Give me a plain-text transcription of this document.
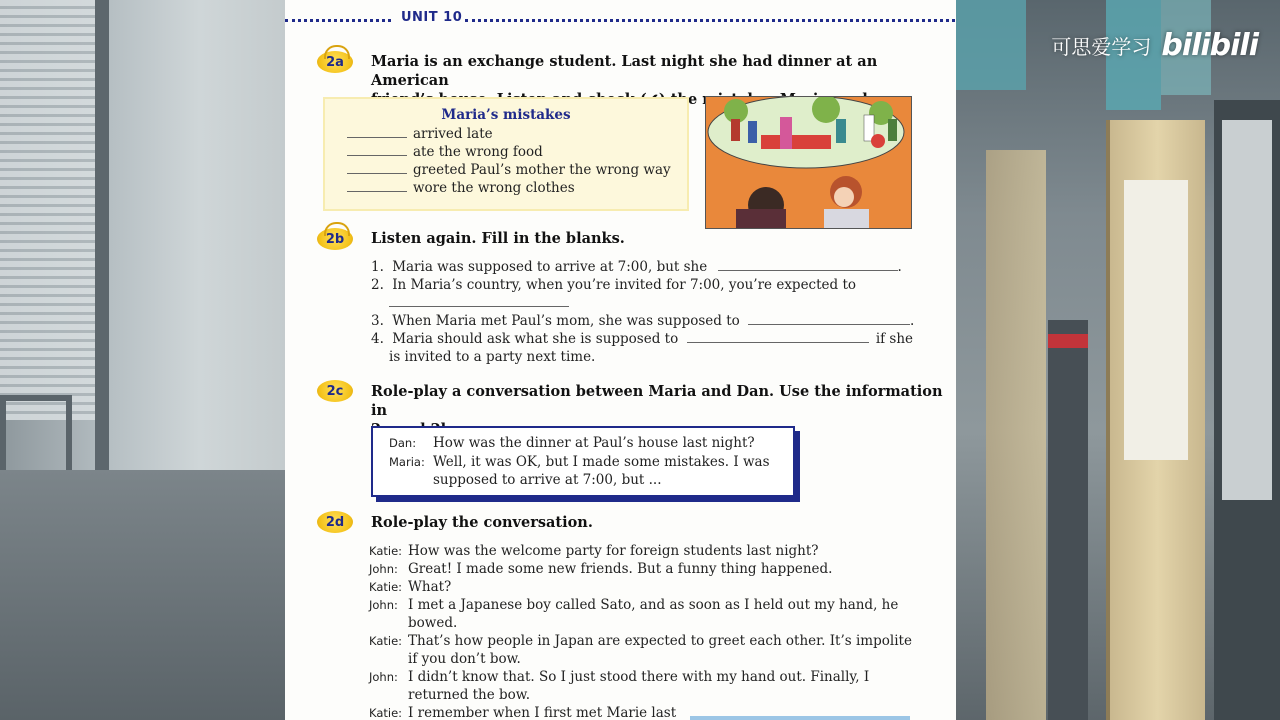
可思爱学习 bilibili
UNIT 10
2a Maria is an exchange student. Last night she had dinner at an American
Maria’s mistakes
arrived late
ate the wrong food
greeted Paul’s mother the wrong way
wore the wrong clothes
2b Listen again. Fill in the blanks.
1. Maria was supposed to arrive at 7:00, but she	.
2. In Maria’s country, when you’re invited for 7:00, you’re expected to
3. When Maria met Paul’s mom, she was supposed to	.
4. Maria should ask what she is supposed to	if she
is invited to a party next time.
2c	Role-play a conversation between Maria and Dan. Use the information in
Dan: How was the dinner at Paul’s house last night?
Maria: Well, it was OK, but I made some mistakes. I was
supposed to arrive at 7:00, but ...
2d	Role-play the conversation.
Katie: How was the welcome party for foreign students last night?
John: Great! I made some new friends. But a funny thing happened.
Katie: What?
John: I met a Japanese boy called Sato, and as soon as I held out my hand, he
bowed.
Katie: That’s how people in Japan are expected to greet each other. It’s impolite
if you don’t bow.
John: I didn’t know that. So I just stood there with my hand out. Finally, I
returned the bow.
Katie: I remember when I first met Marie last
